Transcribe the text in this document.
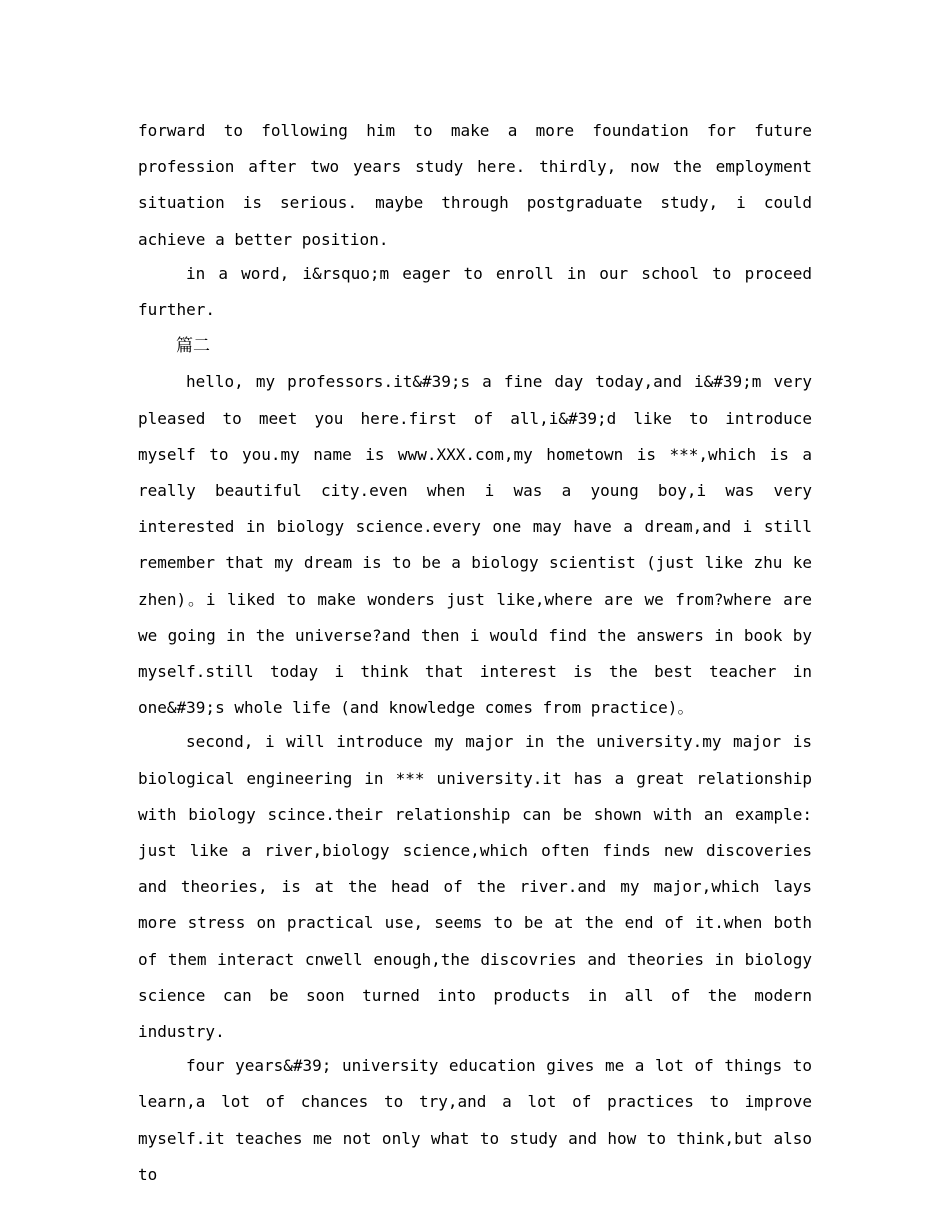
forward to following him to make a more foundation for future profession after two years study here. thirdly, now the employment situation is serious. maybe through postgraduate study, i could achieve a better position.

in a word, i&rsquo;m eager to enroll in our school to proceed further.

篇二

hello, my professors.it&#39;s a fine day today,and i&#39;m very pleased to meet you here.first of all,i&#39;d like to introduce myself to you.my name is www.XXX.com,my hometown is ***,which is a really beautiful city.even when i was a young boy,i was very interested in biology science.every one may have a dream,and i still remember that my dream is to be a biology scientist (just like zhu ke zhen)。i liked to make wonders just like,where are we from?where are we going in the universe?and then i would find the answers in book by myself.still today i think that interest is the best teacher in one&#39;s whole life (and knowledge comes from practice)。

second, i will introduce my major in the university.my major is biological engineering in *** university.it has a great relationship with biology scince.their relationship can be shown with an example: just like a river,biology science,which often finds new discoveries and theories, is at the head of the river.and my major,which lays more stress on practical use, seems to be at the end of it.when both of them interact cnwell enough,the discovries and theories in biology science can be soon turned into products in all of the modern industry.

four years&#39; university education gives me a lot of things to learn,a lot of chances to try,and a lot of practices to improve myself.it teaches me not only what to study and how to think,but also to
